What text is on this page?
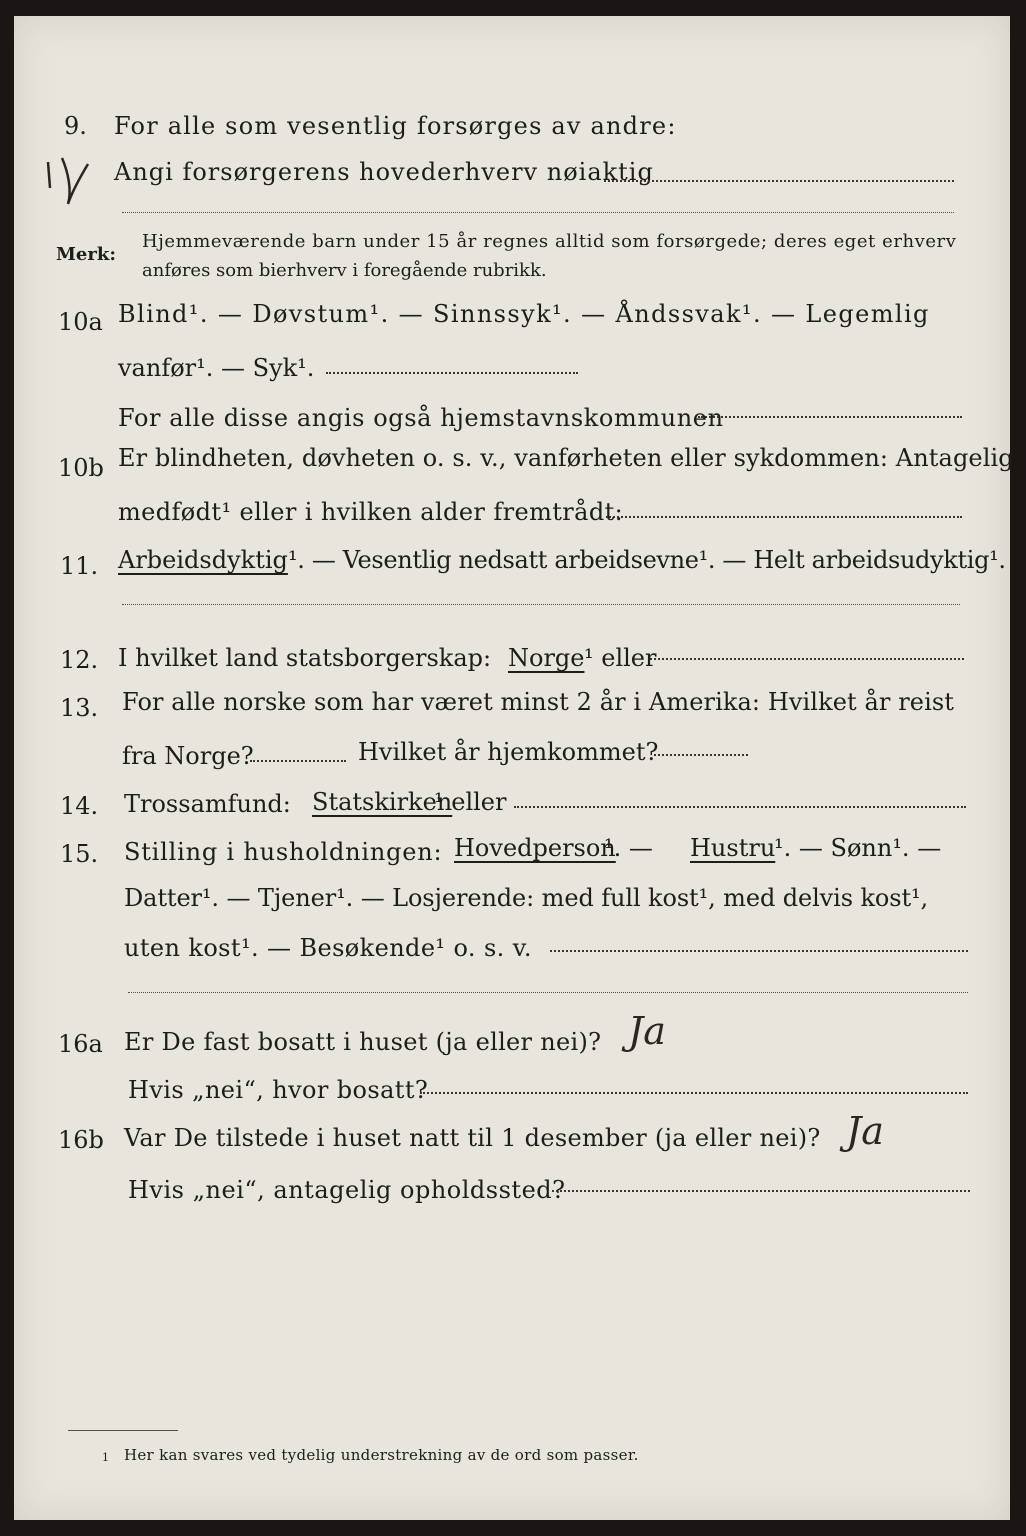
9. For alle som vesentlig forsørges av andre:
Angi forsørgerens hovederhverv nøiaktig
Merk:
Hjemmeværende barn under 15 år regnes alltid som forsørgede; deres eget erhverv
anføres som bierhverv i foregående rubrikk.
10a Blind¹. — Døvstum¹. — Sinnssyk¹. — Åndssvak¹. — Legemlig
vanfør¹. — Syk¹.
For alle disse angis også hjemstavnskommunen
10b Er blindheten, døvheten o. s. v., vanførheten eller sykdommen: Antagelig
medfødt¹ eller i hvilken alder fremtrådt:
11. Arbeidsdyktig ¹. — Vesentlig nedsatt arbeidsevne¹. — Helt arbeidsudyktig¹.
12. I hvilket land statsborgerskap: Norge ¹ eller
13. For alle norske som har været minst 2 år i Amerika: Hvilket år reist
fra Norge?	Hvilket år hjemkommet?
14. Trossamfund: Statskirken
¹ eller
15. Stilling i husholdningen: Hovedperson
¹. — Hustru
¹. — Sønn¹. —
Datter¹. — Tjener¹. — Losjerende: med full kost¹, med delvis kost¹,
uten kost¹. — Besøkende¹ o. s. v.
16a Er De fast bosatt i huset (ja eller nei)? Ja
Hvis „nei“, hvor bosatt?
16b Var De tilstede i huset natt til 1 desember (ja eller nei)? Ja
Hvis „nei“, antagelig opholdssted?
1 Her kan svares ved tydelig understrekning av de ord som passer.
